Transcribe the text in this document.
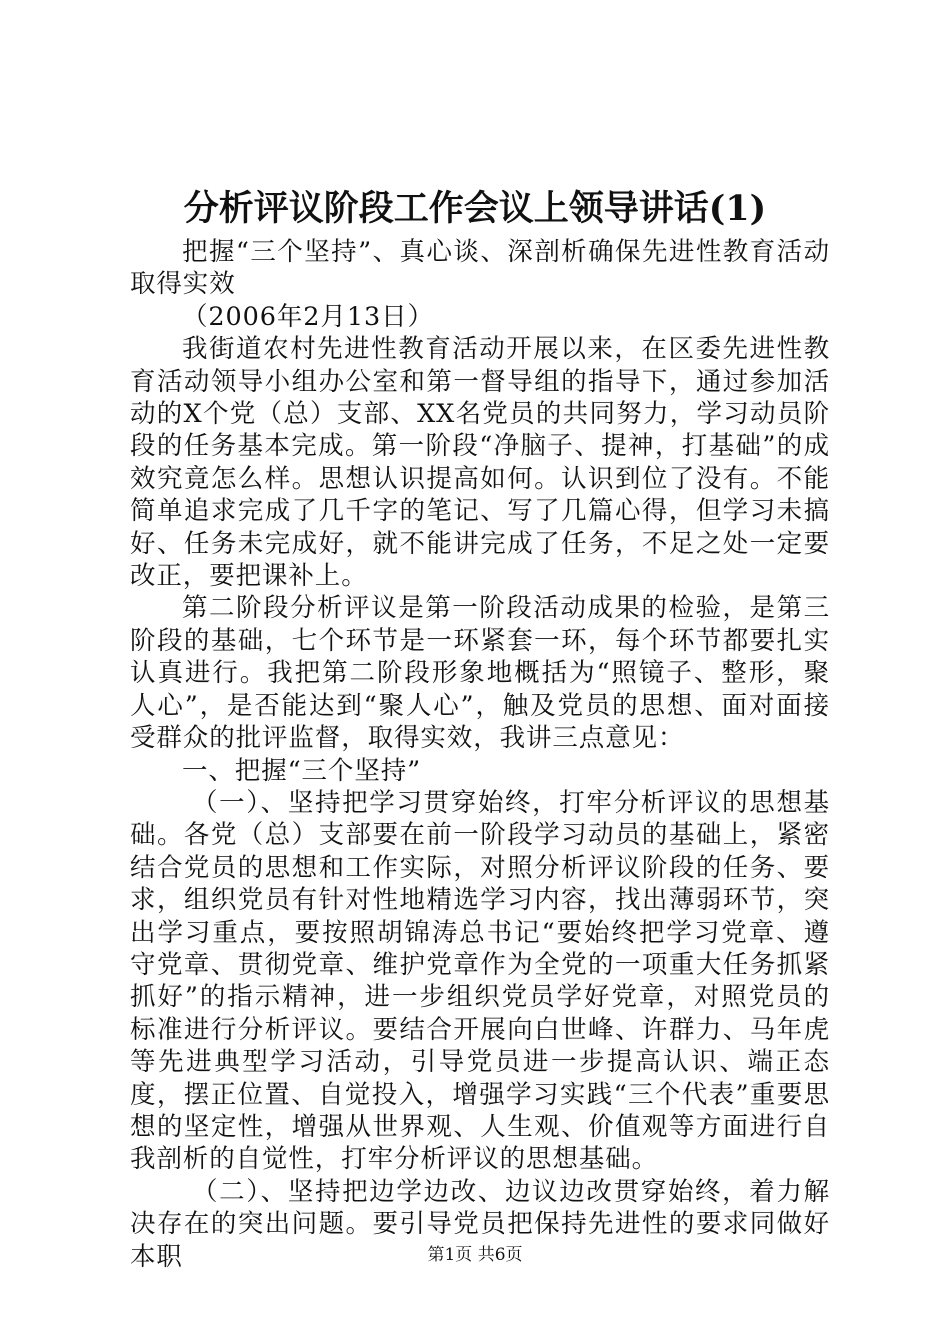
分析评议阶段工作会议上领导讲话(1)

把握“三个坚持”、真心谈、深剖析确保先进性教育活动取得实效

（2006年2月13日）

我街道农村先进性教育活动开展以来，在区委先进性教育活动领导小组办公室和第一督导组的指导下，通过参加活动的X个党（总）支部、XX名党员的共同努力，学习动员阶段的任务基本完成。第一阶段“净脑子、提神，打基础”的成效究竟怎么样。思想认识提高如何。认识到位了没有。不能简单追求完成了几千字的笔记、写了几篇心得，但学习未搞好、任务未完成好，就不能讲完成了任务，不足之处一定要改正，要把课补上。

第二阶段分析评议是第一阶段活动成果的检验，是第三阶段的基础，七个环节是一环紧套一环，每个环节都要扎实认真进行。我把第二阶段形象地概括为“照镜子、整形，聚人心”，是否能达到“聚人心”，触及党员的思想、面对面接受群众的批评监督，取得实效，我讲三点意见：

一、把握“三个坚持”

（一）、坚持把学习贯穿始终，打牢分析评议的思想基础。各党（总）支部要在前一阶段学习动员的基础上，紧密结合党员的思想和工作实际，对照分析评议阶段的任务、要求，组织党员有针对性地精选学习内容，找出薄弱环节，突出学习重点，要按照胡锦涛总书记“要始终把学习党章、遵守党章、贯彻党章、维护党章作为全党的一项重大任务抓紧抓好”的指示精神，进一步组织党员学好党章，对照党员的标准进行分析评议。要结合开展向白世峰、许群力、马年虎等先进典型学习活动，引导党员进一步提高认识、端正态度，摆正位置、自觉投入，增强学习实践“三个代表”重要思想的坚定性，增强从世界观、人生观、价值观等方面进行自我剖析的自觉性，打牢分析评议的思想基础。

（二）、坚持把边学边改、边议边改贯穿始终，着力解决存在的突出问题。要引导党员把保持先进性的要求同做好本职	第1页 共6页
